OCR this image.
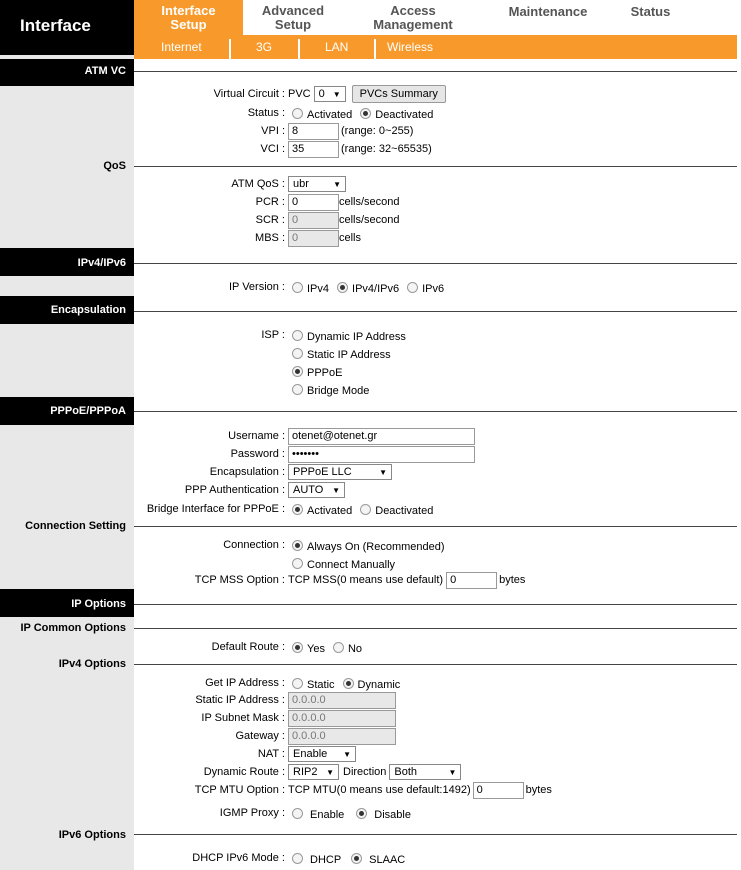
Interface
Interface
Setup
Advanced
Setup
Access
Management
Maintenance	Status
Internet	3G	LAN	Wireless
ATM VC
QoS
IPv4/IPv6
Encapsulation
PPPoE/PPPoA
Connection Setting
IP Options
IP Common Options
IPv4 Options
IPv6 Options
Virtual Circuit : PVC 0 ▼	PVCs Summary
Status : Activated Deactivated
VPI :
8	(range: 0~255)
VCI :
35	(range: 32~65535)
ATM QoS : ubr	▼
PCR :
0	cells/second
SCR :
0	cells/second
MBS :
0	cells
IP Version : IPv4 IPv4/IPv6 IPv6
ISP : Dynamic IP Address
Static IP Address
PPPoE
Bridge Mode
Username :
otenet@otenet.gr
Password :
•••••••
Encapsulation : PPPoE LLC	▼
PPP Authentication : AUTO ▼
Bridge Interface for PPPoE : Activated Deactivated
Connection : Always On (Recommended)
Connect Manually
TCP MSS Option : TCP MSS(0 means use default)
0	bytes
Default Route : Yes No
Get IP Address : Static Dynamic
Static IP Address :
0.0.0.0
IP Subnet Mask :
0.0.0.0
Gateway :
0.0.0.0
NAT : Enable ▼
Dynamic Route : RIP2 ▼ Direction Both	▼
TCP MTU Option : TCP MTU(0 means use default:1492)
0	bytes
IGMP Proxy : Enable	Disable
DHCP IPv6 Mode : DHCP	SLAAC
